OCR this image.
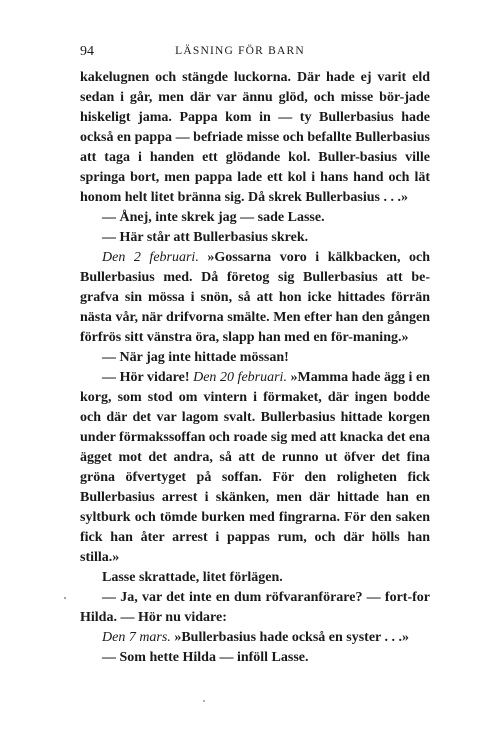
94	LÄSNING FÖR BARN

kakelugnen och stängde luckorna. Där hade ej varit eld sedan i går, men där var ännu glöd, och misse bör-jade hiskeligt jama. Pappa kom in — ty Bullerbasius hade också en pappa — befriade misse och befallte Bullerbasius att taga i handen ett glödande kol. Buller-basius ville springa bort, men pappa lade ett kol i hans hand och lät honom helt litet bränna sig. Då skrek Bullerbasius . . .»

— Ånej, inte skrek jag — sade Lasse.

— Här står att Bullerbasius skrek.

Den 2 februari. »Gossarna voro i kälkbacken, och Bullerbasius med. Då företog sig Bullerbasius att be-grafva sin mössa i snön, så att hon icke hittades förrän nästa vår, när drifvorna smälte. Men efter han den gången förfrös sitt vänstra öra, slapp han med en för-maning.»

— När jag inte hittade mössan!

— Hör vidare! Den 20 februari. »Mamma hade ägg i en korg, som stod om vintern i förmaket, där ingen bodde och där det var lagom svalt. Bullerbasius hittade korgen under förmakssoffan och roade sig med att knacka det ena ägget mot det andra, så att de runno ut öfver det fina gröna öfvertyget på soffan. För den roligheten fick Bullerbasius arrest i skänken, men där hittade han en syltburk och tömde burken med fingrarna. För den saken fick han åter arrest i pappas rum, och där hölls han stilla.»

Lasse skrattade, litet förlägen.

— Ja, var det inte en dum röfvaranförare? — fort-for Hilda. — Hör nu vidare:

Den 7 mars. »Bullerbasius hade också en syster . . .»

— Som hette Hilda — inföll Lasse.
